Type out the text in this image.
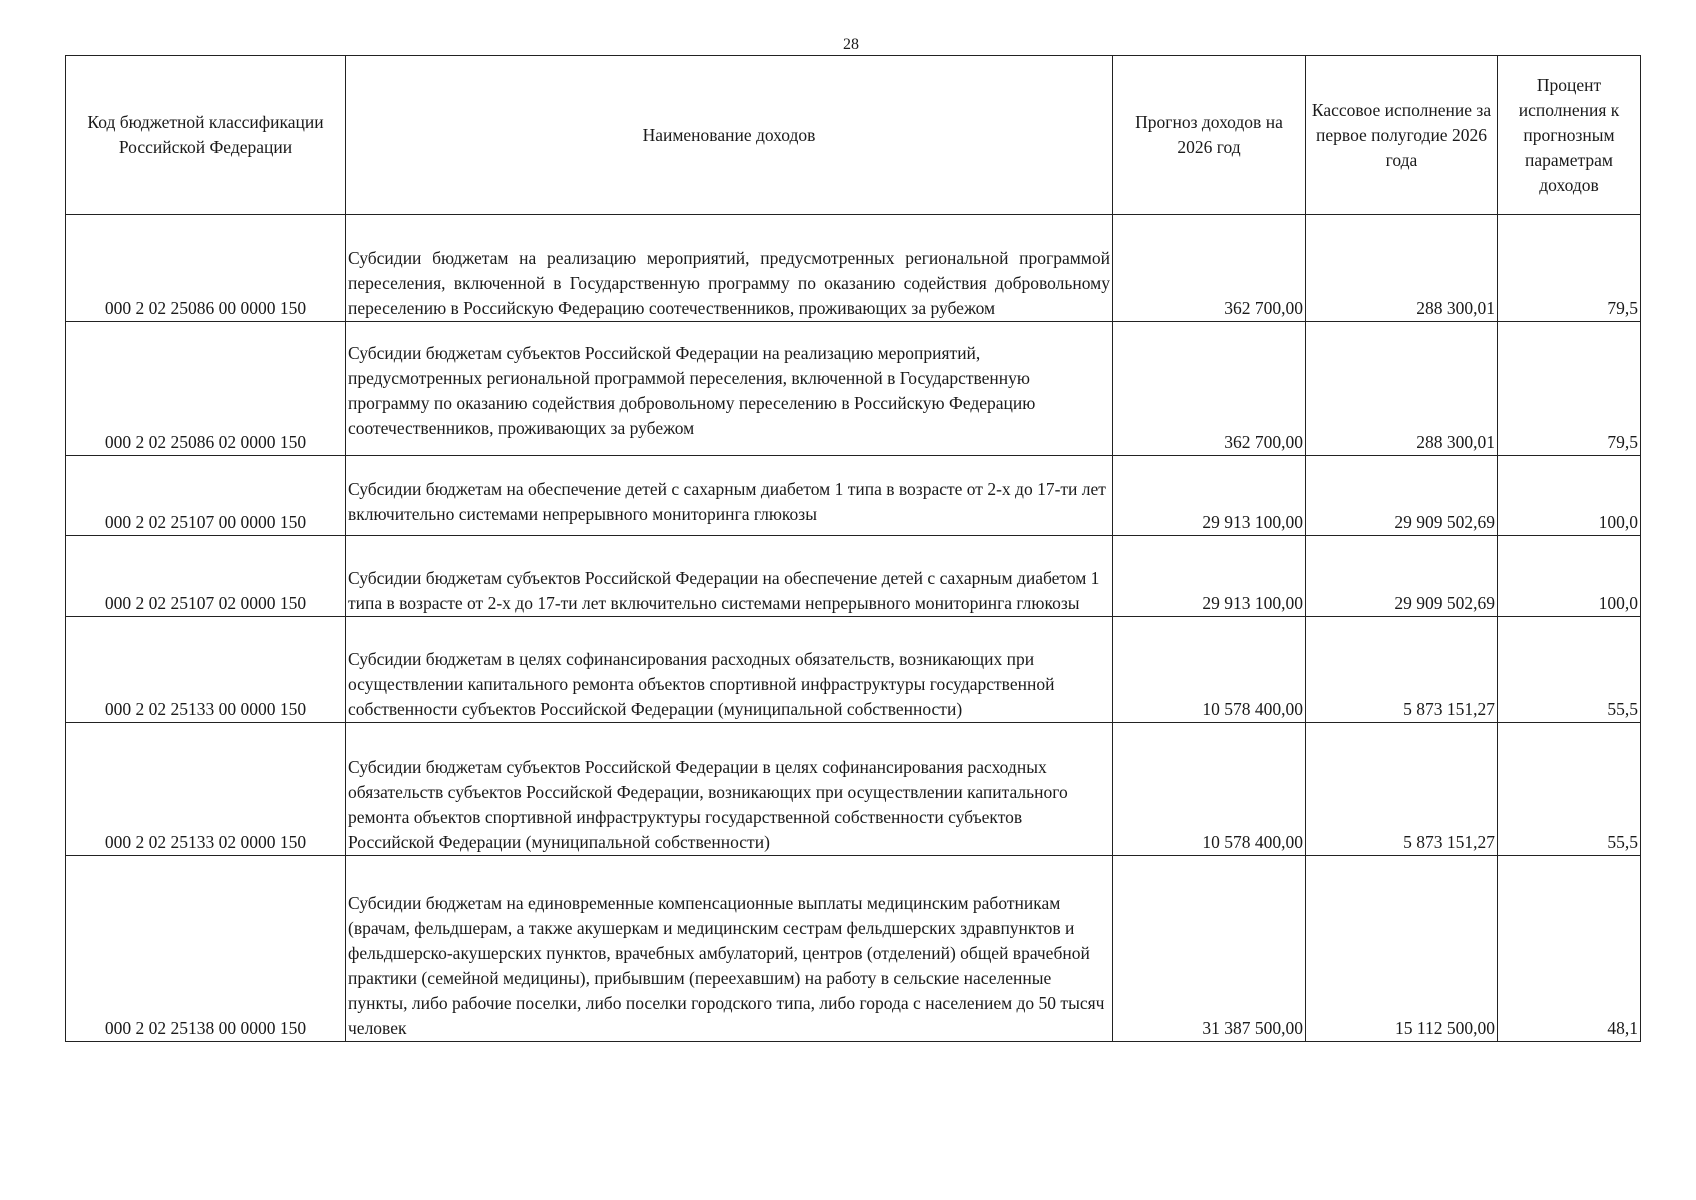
28
Код бюджетной классификации Российской Федерации	Наименование доходов	Прогноз доходов на 2026 год	Кассовое исполнение за первое полугодие 2026 года	Процент исполнения к прогнозным параметрам доходов
000 2 02 25086 00 0000 150	Субсидии бюджетам на реализацию мероприятий, предусмотренных региональной программой переселения, включенной в Государственную программу по оказанию содействия добровольному переселению в Российскую Федерацию соотечественников, проживающих за рубежом	362 700,00	288 300,01	79,5
000 2 02 25086 02 0000 150	Субсидии бюджетам субъектов Российской Федерации на реализацию мероприятий, предусмотренных региональной программой переселения, включенной в Государственную программу по оказанию содействия добровольному переселению в Российскую Федерацию соотечественников, проживающих за рубежом	362 700,00	288 300,01	79,5
000 2 02 25107 00 0000 150	Субсидии бюджетам на обеспечение детей с сахарным диабетом 1 типа в возрасте от 2-х до 17-ти лет включительно системами непрерывного мониторинга глюкозы	29 913 100,00	29 909 502,69	100,0
000 2 02 25107 02 0000 150	Субсидии бюджетам субъектов Российской Федерации на обеспечение детей с сахарным диабетом 1 типа в возрасте от 2-х до 17-ти лет включительно системами непрерывного мониторинга глюкозы	29 913 100,00	29 909 502,69	100,0
000 2 02 25133 00 0000 150	Субсидии бюджетам в целях софинансирования расходных обязательств, возникающих при осуществлении капитального ремонта объектов спортивной инфраструктуры государственной собственности субъектов Российской Федерации (муниципальной собственности)	10 578 400,00	5 873 151,27	55,5
000 2 02 25133 02 0000 150	Субсидии бюджетам субъектов Российской Федерации в целях софинансирования расходных обязательств субъектов Российской Федерации, возникающих при осуществлении капитального ремонта объектов спортивной инфраструктуры государственной собственности субъектов Российской Федерации (муниципальной собственности)	10 578 400,00	5 873 151,27	55,5
000 2 02 25138 00 0000 150	Субсидии бюджетам на единовременные компенсационные выплаты медицинским работникам (врачам, фельдшерам, а также акушеркам и медицинским сестрам фельдшерских здравпунктов и фельдшерско-акушерских пунктов, врачебных амбулаторий, центров (отделений) общей врачебной практики (семейной медицины), прибывшим (переехавшим) на работу в сельские населенные пункты, либо рабочие поселки, либо поселки городского типа, либо города с населением до 50 тысяч человек	31 387 500,00	15 112 500,00	48,1
